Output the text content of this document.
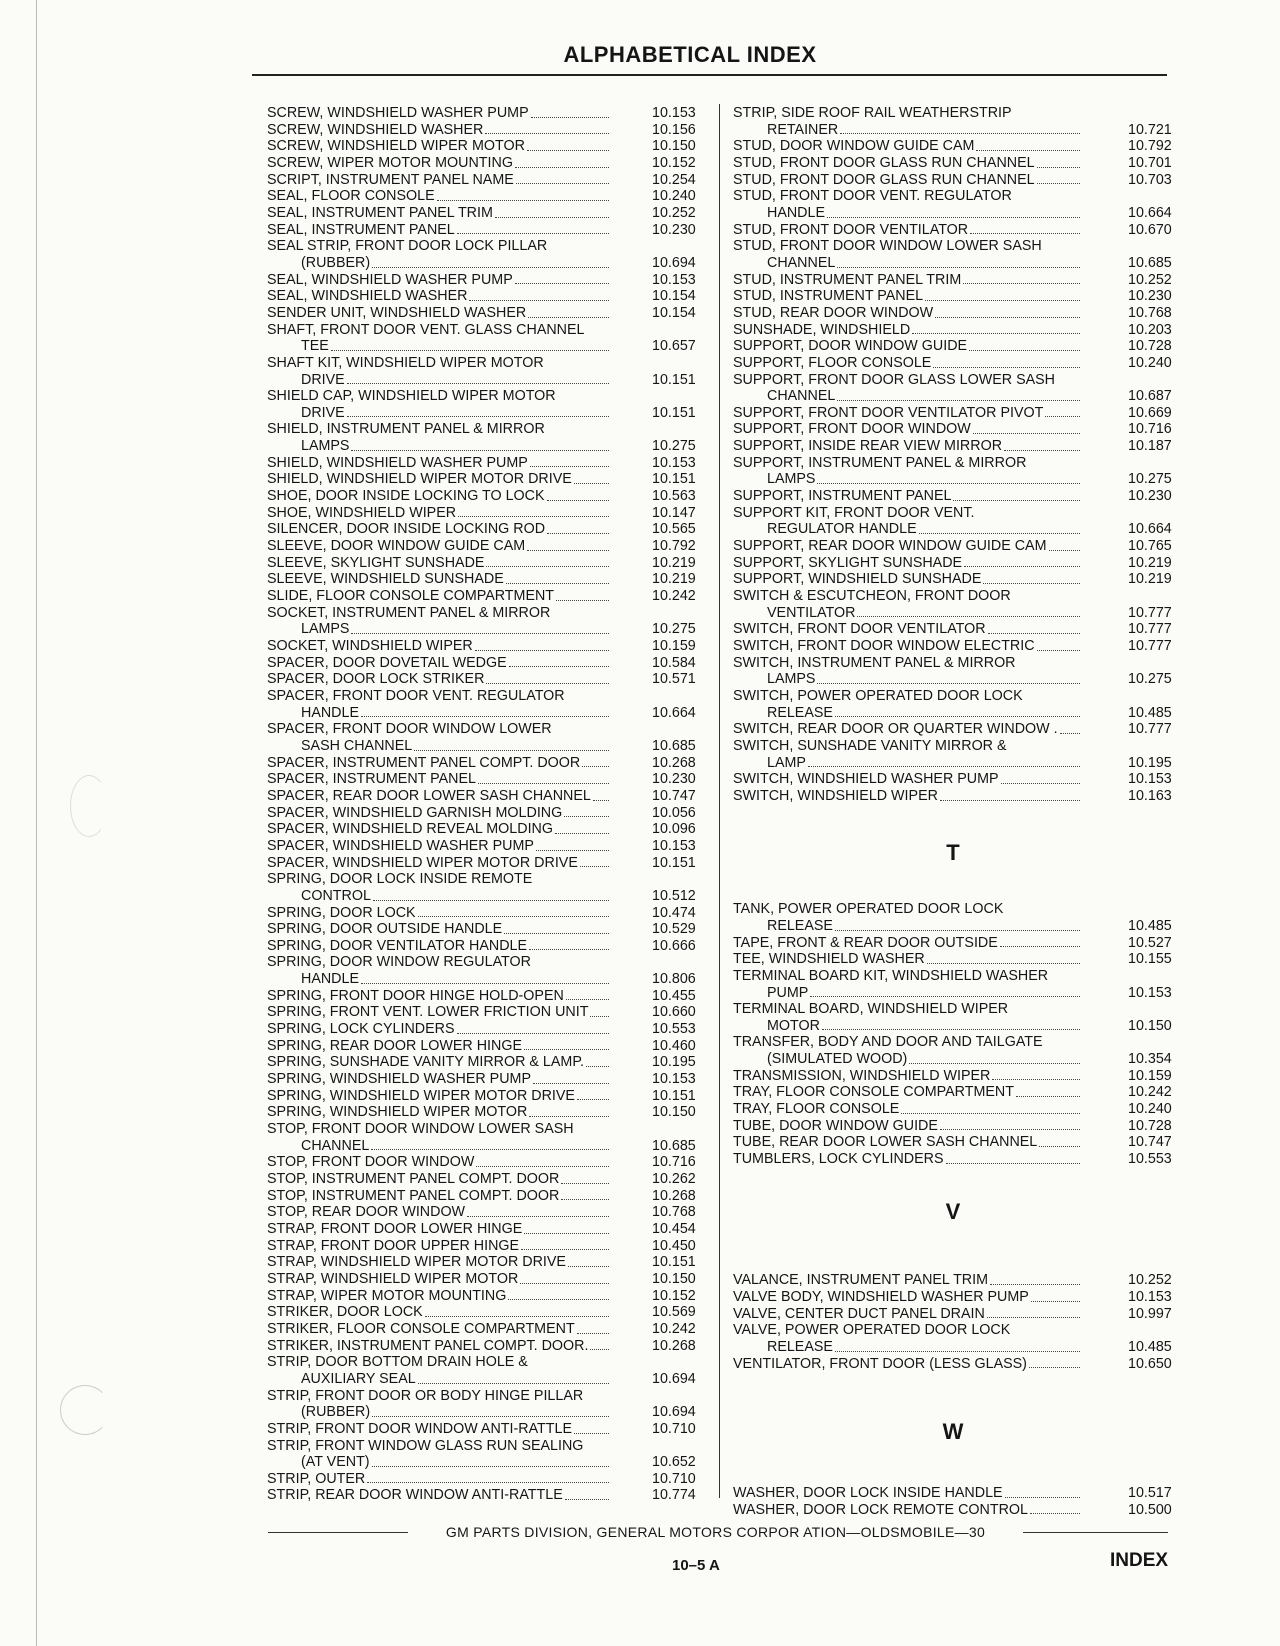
ALPHABETICAL INDEX
SCREW, WINDSHIELD WASHER PUMP	10.153
SCREW, WINDSHIELD WASHER	10.156
SCREW, WINDSHIELD WIPER MOTOR	10.150
SCREW, WIPER MOTOR MOUNTING	10.152
SCRIPT, INSTRUMENT PANEL NAME	10.254
SEAL, FLOOR CONSOLE	10.240
SEAL, INSTRUMENT PANEL TRIM	10.252
SEAL, INSTRUMENT PANEL	10.230
SEAL STRIP, FRONT DOOR LOCK PILLAR
(RUBBER)	10.694
SEAL, WINDSHIELD WASHER PUMP	10.153
SEAL, WINDSHIELD WASHER	10.154
SENDER UNIT, WINDSHIELD WASHER	10.154
SHAFT, FRONT DOOR VENT. GLASS CHANNEL
TEE	10.657
SHAFT KIT, WINDSHIELD WIPER MOTOR
DRIVE	10.151
SHIELD CAP, WINDSHIELD WIPER MOTOR
DRIVE	10.151
SHIELD, INSTRUMENT PANEL & MIRROR
LAMPS	10.275
SHIELD, WINDSHIELD WASHER PUMP	10.153
SHIELD, WINDSHIELD WIPER MOTOR DRIVE	10.151
SHOE, DOOR INSIDE LOCKING TO LOCK	10.563
SHOE, WINDSHIELD WIPER	10.147
SILENCER, DOOR INSIDE LOCKING ROD	10.565
SLEEVE, DOOR WINDOW GUIDE CAM	10.792
SLEEVE, SKYLIGHT SUNSHADE	10.219
SLEEVE, WINDSHIELD SUNSHADE	10.219
SLIDE, FLOOR CONSOLE COMPARTMENT	10.242
SOCKET, INSTRUMENT PANEL & MIRROR
LAMPS	10.275
SOCKET, WINDSHIELD WIPER	10.159
SPACER, DOOR DOVETAIL WEDGE	10.584
SPACER, DOOR LOCK STRIKER	10.571
SPACER, FRONT DOOR VENT. REGULATOR
HANDLE	10.664
SPACER, FRONT DOOR WINDOW LOWER
SASH CHANNEL	10.685
SPACER, INSTRUMENT PANEL COMPT. DOOR	10.268
SPACER, INSTRUMENT PANEL	10.230
SPACER, REAR DOOR LOWER SASH CHANNEL	10.747
SPACER, WINDSHIELD GARNISH MOLDING	10.056
SPACER, WINDSHIELD REVEAL MOLDING	10.096
SPACER, WINDSHIELD WASHER PUMP	10.153
SPACER, WINDSHIELD WIPER MOTOR DRIVE	10.151
SPRING, DOOR LOCK INSIDE REMOTE
CONTROL	10.512
SPRING, DOOR LOCK	10.474
SPRING, DOOR OUTSIDE HANDLE	10.529
SPRING, DOOR VENTILATOR HANDLE	10.666
SPRING, DOOR WINDOW REGULATOR
HANDLE	10.806
SPRING, FRONT DOOR HINGE HOLD-OPEN	10.455
SPRING, FRONT VENT. LOWER FRICTION UNIT	10.660
SPRING, LOCK CYLINDERS	10.553
SPRING, REAR DOOR LOWER HINGE	10.460
SPRING, SUNSHADE VANITY MIRROR & LAMP.	10.195
SPRING, WINDSHIELD WASHER PUMP	10.153
SPRING, WINDSHIELD WIPER MOTOR DRIVE	10.151
SPRING, WINDSHIELD WIPER MOTOR	10.150
STOP, FRONT DOOR WINDOW LOWER SASH
CHANNEL	10.685
STOP, FRONT DOOR WINDOW	10.716
STOP, INSTRUMENT PANEL COMPT. DOOR	10.262
STOP, INSTRUMENT PANEL COMPT. DOOR	10.268
STOP, REAR DOOR WINDOW	10.768
STRAP, FRONT DOOR LOWER HINGE	10.454
STRAP, FRONT DOOR UPPER HINGE	10.450
STRAP, WINDSHIELD WIPER MOTOR DRIVE	10.151
STRAP, WINDSHIELD WIPER MOTOR	10.150
STRAP, WIPER MOTOR MOUNTING	10.152
STRIKER, DOOR LOCK	10.569
STRIKER, FLOOR CONSOLE COMPARTMENT	10.242
STRIKER, INSTRUMENT PANEL COMPT. DOOR.	10.268
STRIP, DOOR BOTTOM DRAIN HOLE &
AUXILIARY SEAL	10.694
STRIP, FRONT DOOR OR BODY HINGE PILLAR
(RUBBER)	10.694
STRIP, FRONT DOOR WINDOW ANTI-RATTLE	10.710
STRIP, FRONT WINDOW GLASS RUN SEALING
(AT VENT)	10.652
STRIP, OUTER	10.710
STRIP, REAR DOOR WINDOW ANTI-RATTLE	10.774
STRIP, SIDE ROOF RAIL WEATHERSTRIP
RETAINER	10.721
STUD, DOOR WINDOW GUIDE CAM	10.792
STUD, FRONT DOOR GLASS RUN CHANNEL	10.701
STUD, FRONT DOOR GLASS RUN CHANNEL	10.703
STUD, FRONT DOOR VENT. REGULATOR
HANDLE	10.664
STUD, FRONT DOOR VENTILATOR	10.670
STUD, FRONT DOOR WINDOW LOWER SASH
CHANNEL	10.685
STUD, INSTRUMENT PANEL TRIM	10.252
STUD, INSTRUMENT PANEL	10.230
STUD, REAR DOOR WINDOW	10.768
SUNSHADE, WINDSHIELD	10.203
SUPPORT, DOOR WINDOW GUIDE	10.728
SUPPORT, FLOOR CONSOLE	10.240
SUPPORT, FRONT DOOR GLASS LOWER SASH
CHANNEL	10.687
SUPPORT, FRONT DOOR VENTILATOR PIVOT	10.669
SUPPORT, FRONT DOOR WINDOW	10.716
SUPPORT, INSIDE REAR VIEW MIRROR	10.187
SUPPORT, INSTRUMENT PANEL & MIRROR
LAMPS	10.275
SUPPORT, INSTRUMENT PANEL	10.230
SUPPORT KIT, FRONT DOOR VENT.
REGULATOR HANDLE	10.664
SUPPORT, REAR DOOR WINDOW GUIDE CAM	10.765
SUPPORT, SKYLIGHT SUNSHADE	10.219
SUPPORT, WINDSHIELD SUNSHADE	10.219
SWITCH & ESCUTCHEON, FRONT DOOR
VENTILATOR	10.777
SWITCH, FRONT DOOR VENTILATOR	10.777
SWITCH, FRONT DOOR WINDOW ELECTRIC	10.777
SWITCH, INSTRUMENT PANEL & MIRROR
LAMPS	10.275
SWITCH, POWER OPERATED DOOR LOCK
RELEASE	10.485
SWITCH, REAR DOOR OR QUARTER WINDOW .	10.777
SWITCH, SUNSHADE VANITY MIRROR &
LAMP	10.195
SWITCH, WINDSHIELD WASHER PUMP	10.153
SWITCH, WINDSHIELD WIPER	10.163
T
TANK, POWER OPERATED DOOR LOCK
RELEASE	10.485
TAPE, FRONT & REAR DOOR OUTSIDE	10.527
TEE, WINDSHIELD WASHER	10.155
TERMINAL BOARD KIT, WINDSHIELD WASHER
PUMP	10.153
TERMINAL BOARD, WINDSHIELD WIPER
MOTOR	10.150
TRANSFER, BODY AND DOOR AND TAILGATE
(SIMULATED WOOD)	10.354
TRANSMISSION, WINDSHIELD WIPER	10.159
TRAY, FLOOR CONSOLE COMPARTMENT	10.242
TRAY, FLOOR CONSOLE	10.240
TUBE, DOOR WINDOW GUIDE	10.728
TUBE, REAR DOOR LOWER SASH CHANNEL	10.747
TUMBLERS, LOCK CYLINDERS	10.553
V
VALANCE, INSTRUMENT PANEL TRIM	10.252
VALVE BODY, WINDSHIELD WASHER PUMP	10.153
VALVE, CENTER DUCT PANEL DRAIN	10.997
VALVE, POWER OPERATED DOOR LOCK
RELEASE	10.485
VENTILATOR, FRONT DOOR (LESS GLASS)	10.650
W
WASHER, DOOR LOCK INSIDE HANDLE	10.517
WASHER, DOOR LOCK REMOTE CONTROL	10.500
GM PARTS DIVISION, GENERAL MOTORS CORPOR ATION—OLDSMOBILE—30
10–5 A	INDEX
